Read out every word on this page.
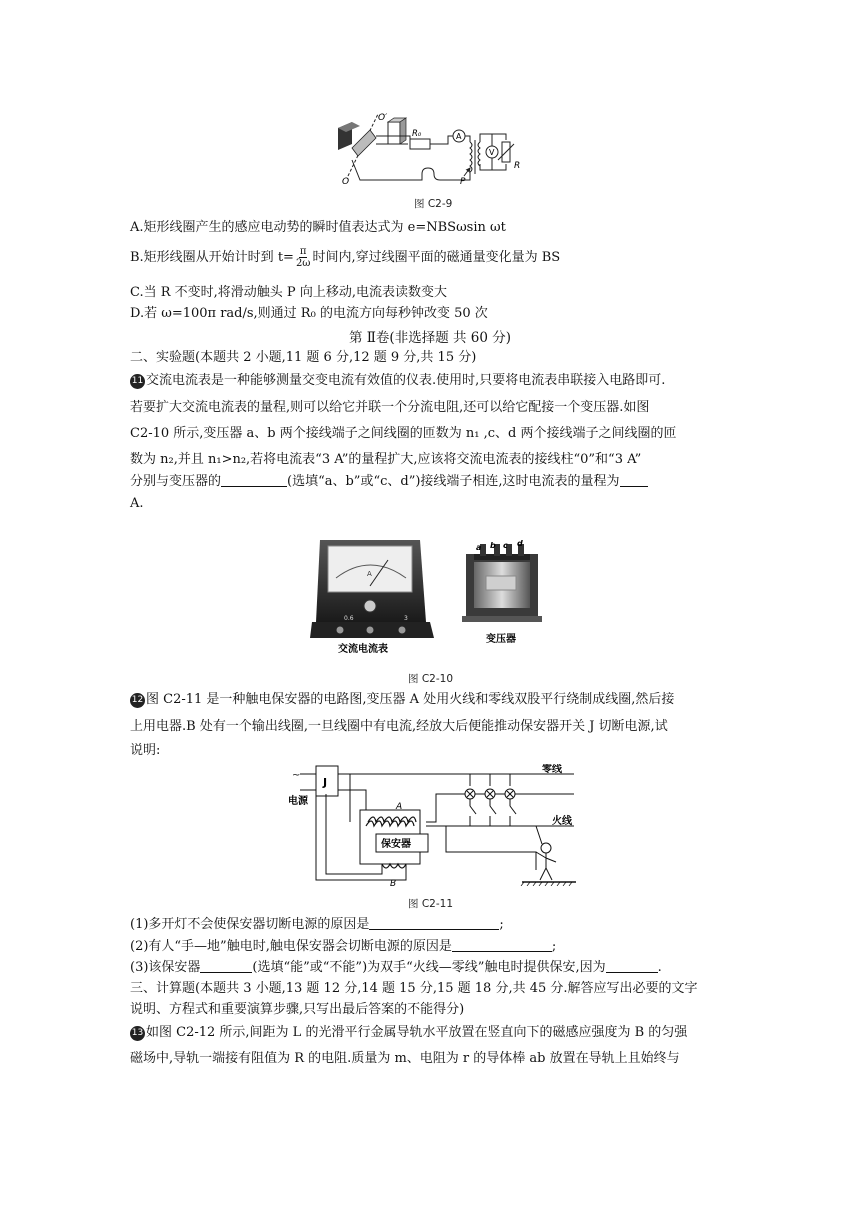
O′
O
R₀	A
P
V
R
图 C2-9
A.矩形线圈产生的感应电动势的瞬时值表达式为 e=NBSωsin ωt
B.矩形线圈从开始计时到 $t= \frac{\pi}{2\omega}$ 时间内,穿过线圈平面的磁通量变化量为 BS
C.当 R 不变时,将滑动触头 P 向上移动,电流表读数变大
D.若 ω=100π rad/s,则通过 R₀ 的电流方向每秒钟改变 50 次
第 Ⅱ卷(非选择题 共 60 分)
二、实验题(本题共 2 小题,11 题 6 分,12 题 9 分,共 15 分)
11 交流电流表是一种能够测量交变电流有效值的仪表.使用时,只要将电流表串联接入电路即可.
若要扩大交流电流表的量程,则可以给它并联一个分流电阻,还可以给它配接一个变压器.如图
C2-10 所示,变压器 a、b 两个接线端子之间线圈的匝数为 n₁ ,c、d 两个接线端子之间线圈的匝
数为 n₂,并且 n₁>n₂,若将电流表“3 A”的量程扩大,应该将交流电流表的接线柱“0”和“3 A”
分别与变压器的	(选填“a、b”或“c、d”)接线端子相连,这时电流表的量程为
A.
A
0.6	3
交流电流表
a b c d
变压器
图 C2-10
12 图 C2-11 是一种触电保安器的电路图,变压器 A 处用火线和零线双股平行绕制成线圈,然后接
上用电器.B 处有一个输出线圈,一旦线圈中有电流,经放大后便能推动保安器开关 J 切断电源,试
说明:
~
J
电源	A
保安器
B
零线
火线
图 C2-11
(1)多开灯不会使保安器切断电源的原因是	;
(2)有人“手—地”触电时,触电保安器会切断电源的原因是	;
(3)该保安器	(选填“能”或“不能”)为双手“火线—零线”触电时提供保安,因为	.
三、计算题(本题共 3 小题,13 题 12 分,14 题 15 分,15 题 18 分,共 45 分.解答应写出必要的文字
说明、方程式和重要演算步骤,只写出最后答案的不能得分)
13 如图 C2-12 所示,间距为 L 的光滑平行金属导轨水平放置在竖直向下的磁感应强度为 B 的匀强
磁场中,导轨一端接有阻值为 R 的电阻.质量为 m、电阻为 r 的导体棒 ab 放置在导轨上且始终与
